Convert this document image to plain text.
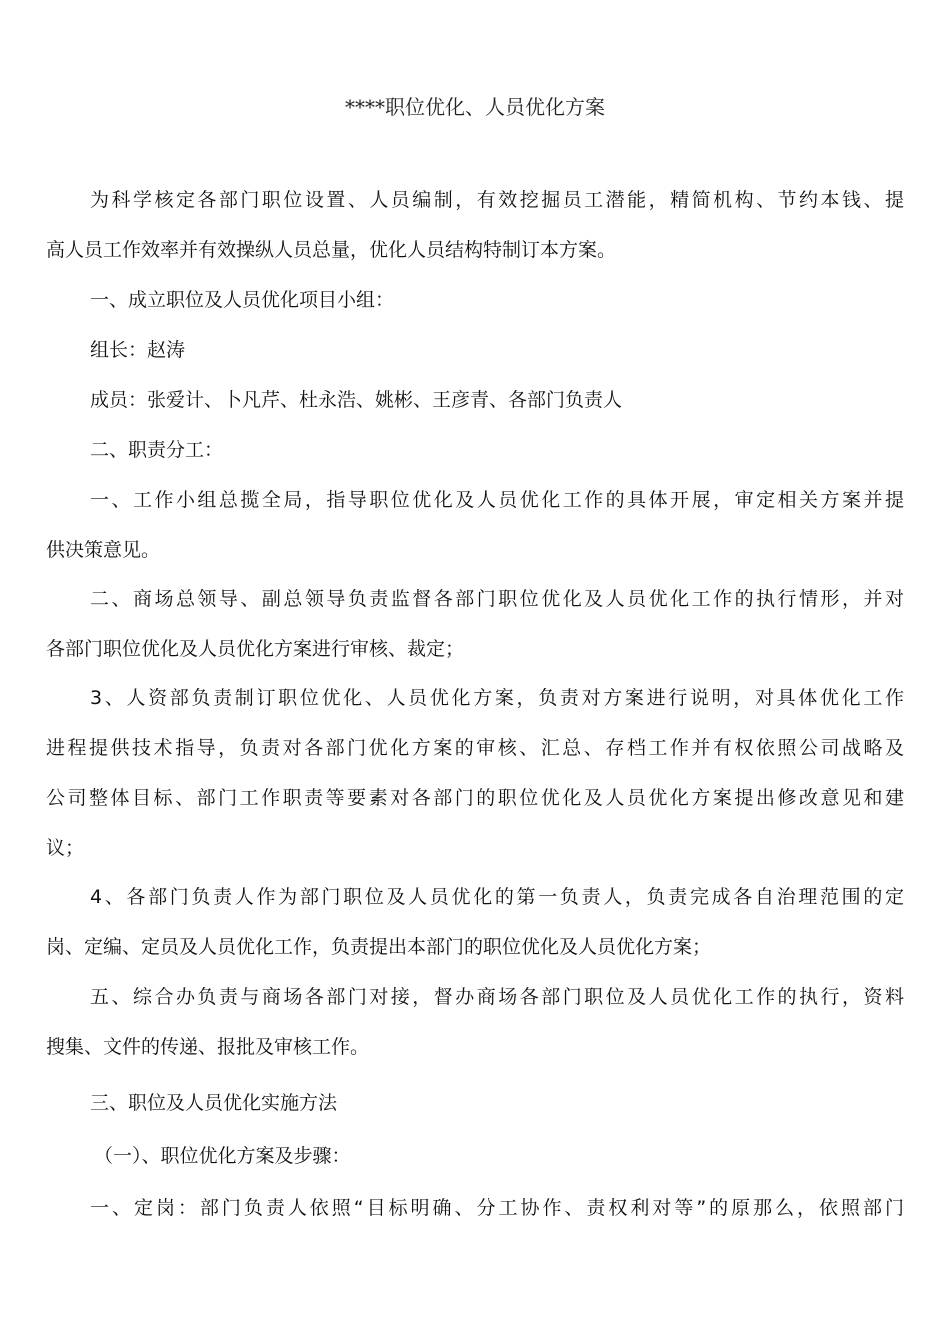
****职位优化、人员优化方案
为科学核定各部门职位设置、人员编制，有效挖掘员工潜能，精简机构、节约本钱、提
高人员工作效率并有效操纵人员总量，优化人员结构特制订本方案。
一、成立职位及人员优化项目小组：
组长：赵涛
成员：张爱计、卜凡芹、杜永浩、姚彬、王彦青、各部门负责人
二、职责分工：
一、工作小组总揽全局，指导职位优化及人员优化工作的具体开展，审定相关方案并提
供决策意见。
二、商场总领导、副总领导负责监督各部门职位优化及人员优化工作的执行情形，并对
各部门职位优化及人员优化方案进行审核、裁定；
3、人资部负责制订职位优化、人员优化方案，负责对方案进行说明，对具体优化工作
进程提供技术指导，负责对各部门优化方案的审核、汇总、存档工作并有权依照公司战略及
公司整体目标、部门工作职责等要素对各部门的职位优化及人员优化方案提出修改意见和建
议；
4、各部门负责人作为部门职位及人员优化的第一负责人，负责完成各自治理范围的定
岗、定编、定员及人员优化工作，负责提出本部门的职位优化及人员优化方案；
五、综合办负责与商场各部门对接，督办商场各部门职位及人员优化工作的执行，资料
搜集、文件的传递、报批及审核工作。
三、职位及人员优化实施方法
（一）、职位优化方案及步骤：
一、定岗：部门负责人依照“目标明确、分工协作、责权利对等”的原那么，依照部门
